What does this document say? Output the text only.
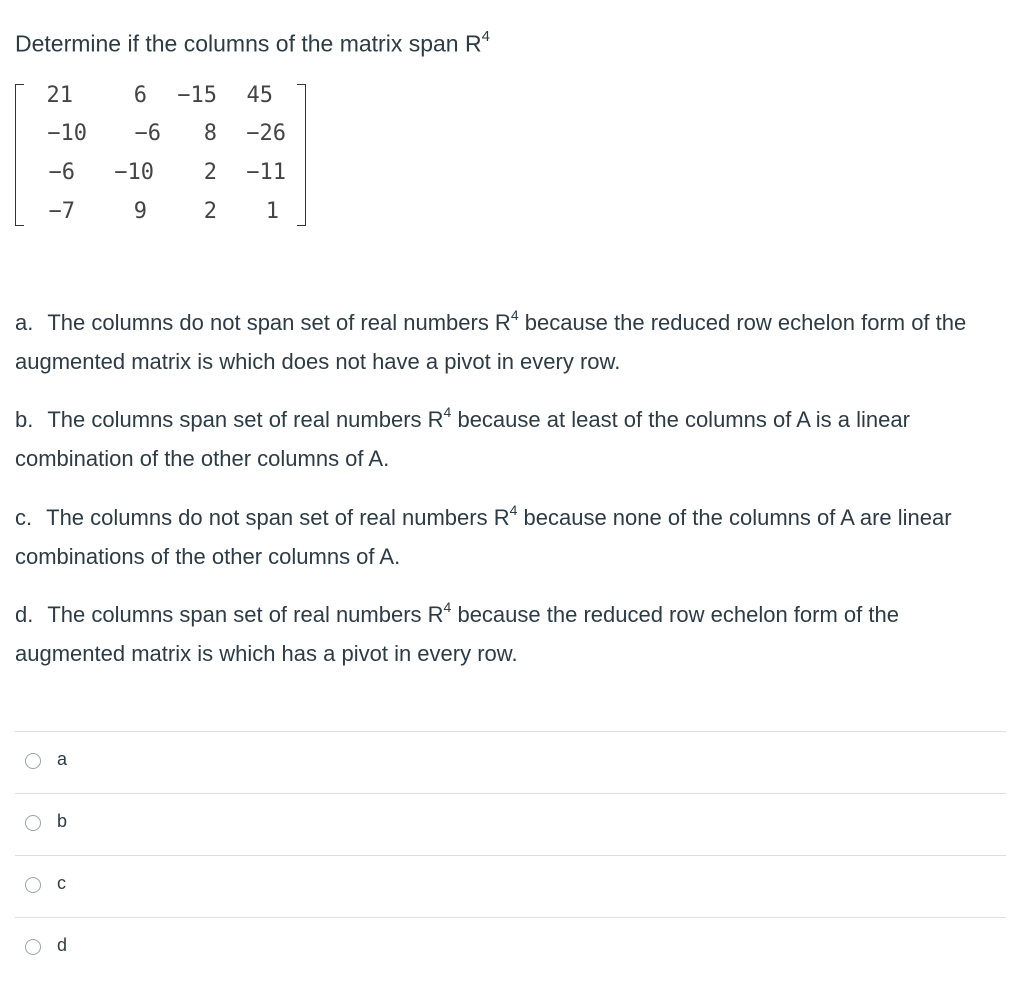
Determine if the columns of the matrix span $R^4$
21	6	−15	45
−10	−6	8	−26
−6	−10	2	−11
−7	9	2	1
a. The columns do not span set of real numbers $R^4$ because the reduced row echelon form of the augmented matrix is which does not have a pivot in every row.
b. The columns span set of real numbers $R^4$ because at least of the columns of A is a linear combination of the other columns of A.
c. The columns do not span set of real numbers $R^4$ because none of the columns of A are linear combinations of the other columns of A.
d. The columns span set of real numbers $R^4$ because the reduced row echelon form of the augmented matrix is which has a pivot in every row.
a
b
c
d
